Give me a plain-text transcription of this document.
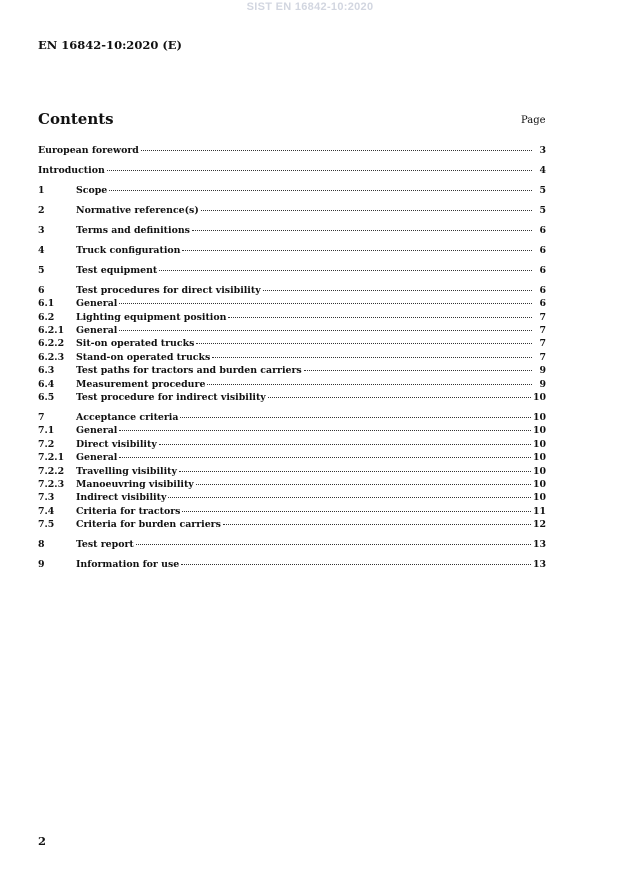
SIST EN 16842-10:2020
EN 16842-10:2020 (E)
Contents	Page
European foreword	3
Introduction	4
1	Scope	5
2	Normative reference(s)	5
3	Terms and definitions	6
4	Truck configuration	6
5	Test equipment	6
6	Test procedures for direct visibility	6
6.1	General	6
6.2	Lighting equipment position	7
6.2.1	General	7
6.2.2	Sit-on operated trucks	7
6.2.3	Stand-on operated trucks	7
6.3	Test paths for tractors and burden carriers	9
6.4	Measurement procedure	9
6.5	Test procedure for indirect visibility	10
7	Acceptance criteria	10
7.1	General	10
7.2	Direct visibility	10
7.2.1	General	10
7.2.2	Travelling visibility	10
7.2.3	Manoeuvring visibility	10
7.3	Indirect visibility	10
7.4	Criteria for tractors	11
7.5	Criteria for burden carriers	12
8	Test report	13
9	Information for use	13
2
